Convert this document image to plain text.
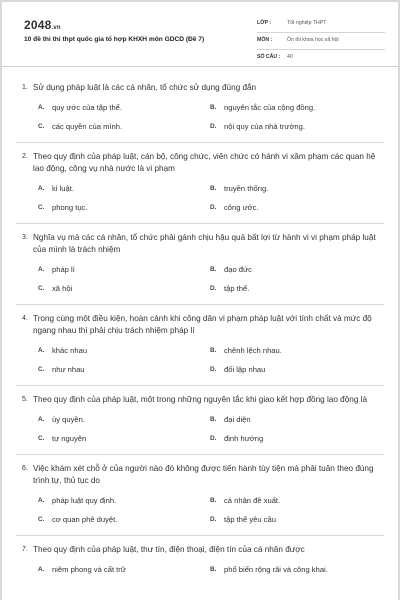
2048.vn
10 đề thi thi thpt quốc gia tổ hợp KHXH môn GDCD (Đề 7)
LỚP :	Tốt nghiệp THPT
MÔN :	Ôn thi khoa học xã hội
SỐ CÂU : 40
1. Sử dụng pháp luật là các cá nhân, tổ chức sử dụng đúng đắn
A. quy ước của tập thể.	B. nguyên tắc của cộng đồng.
C. các quyền của mình.	D. nội quy của nhà trường.
2. Theo quy định của pháp luật, cán bộ, công chức, viên chức có hành vi xâm phạm các quan hệ lao động, công vụ nhà nước là vi phạm
A. kỉ luật.	B. truyền thống.
C. phong tục.	D. công ước.
3. Nghĩa vụ mà các cá nhân, tổ chức phải gánh chịu hậu quả bất lợi từ hành vi vi phạm pháp luật của mình là trách nhiệm
A. pháp lí	B. đạo đức
C. xã hội	D. tập thể.
4. Trong cùng một điều kiện, hoàn cảnh khi công dân vi phạm pháp luật với tính chất và mức độ ngang nhau thì phải chịu trách nhiệm pháp lí
A. khác nhau	B. chênh lệch nhau.
C. như nhau	D. đối lập nhau
5. Theo quy định của pháp luật, một trong những nguyên tắc khi giao kết hợp đồng lao động là
A. ủy quyền.	B. đại diện
C. tự nguyện	D. định hướng
6. Việc khám xét chỗ ở của người nào đó không được tiến hành tùy tiện mà phải tuân theo đúng trình tự, thủ tục do
A. pháp luật quy định.	B. cá nhân đề xuất.
C. cơ quan phê duyệt.	D. tập thể yêu cầu
7. Theo quy định của pháp luật, thư tín, điện thoại, điện tín của cá nhân được
A. niêm phong và cất trữ	B. phổ biến rộng rãi và công khai.
